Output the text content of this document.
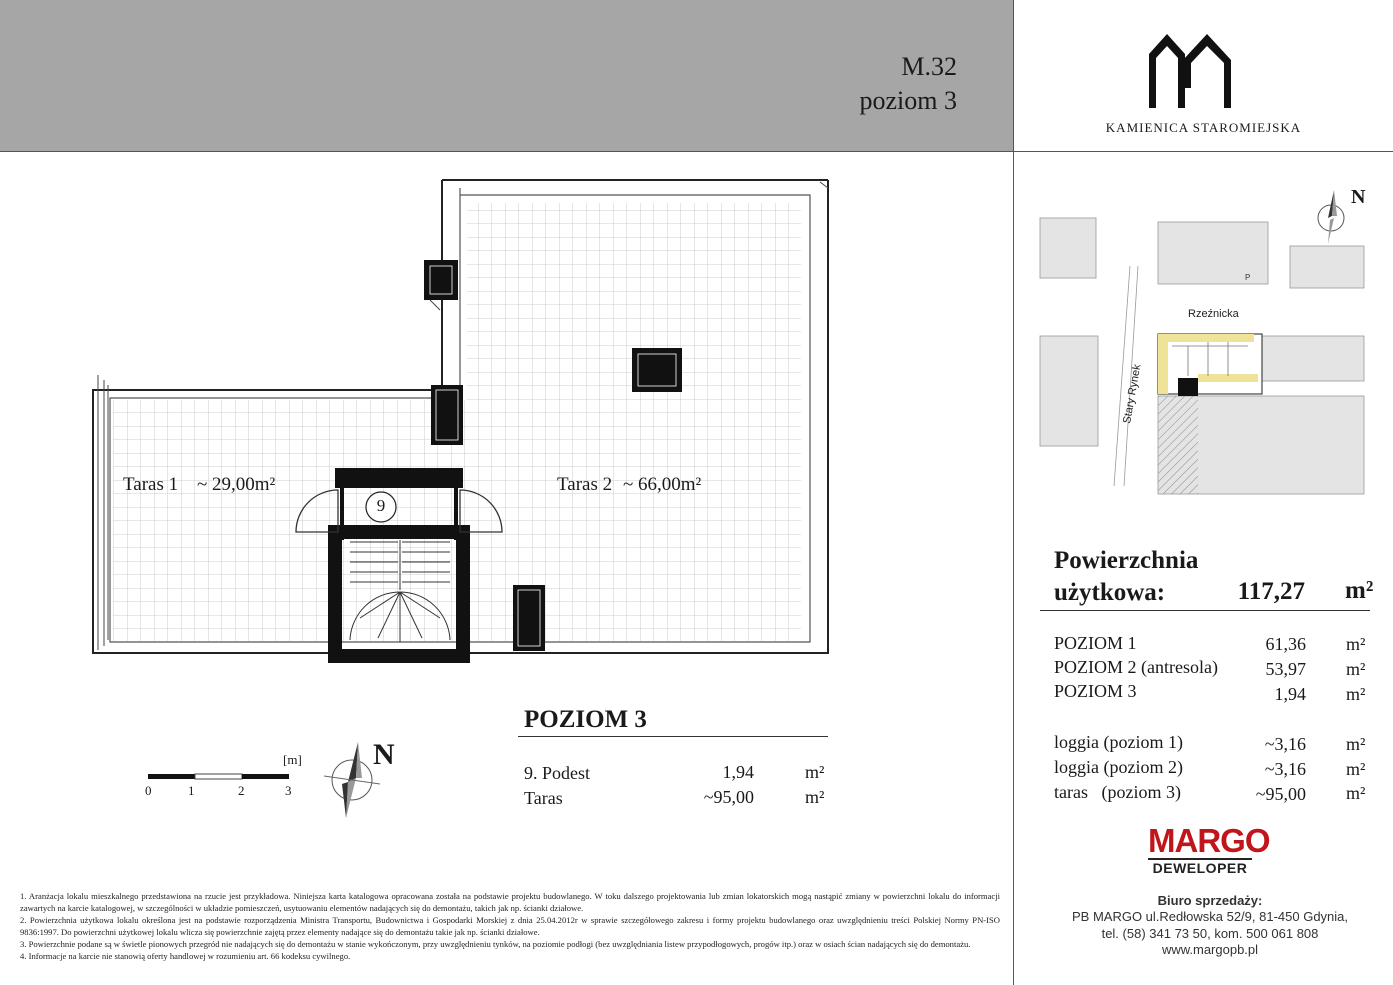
M.32
poziom 3
KAMIENICA STAROMIEJSKA
Taras 1 ~ 29,00m²	Taras 2 ~ 66,00m²
9
[m]
0	1	2	3
N
POZIOM 3
9. Podest	1,94	m²
Taras	~95,00	m²
P
Rzeźnicka
Stary Rynek
N
Powierzchnia
użytkowa:	117,27 m²
POZIOM 1	61,36 m²
POZIOM 2 (antresola)	53,97 m²
POZIOM 3	1,94 m²
loggia (poziom 1)	~3,16 m²
loggia (poziom 2)	~3,16 m²
taras   (poziom 3)	~95,00 m²
MARGO
DEWELOPER
Biuro sprzedaży:
PB MARGO ul.Redłowska 52/9, 81-450 Gdynia,
tel. (58) 341 73 50, kom. 500 061 808
www.margopb.pl
1. Aranżacja lokalu mieszkalnego przedstawiona na rzucie jest przykładowa. Niniejsza karta katalogowa opracowana została na podstawie projektu budowlanego. W toku dalszego projektowania lub zmian lokatorskich mogą nastąpić zmiany w powierzchni lokalu do informacji zawartych na karcie katalogowej, w szczególności w układzie pomieszczeń, usytuowaniu elementów nadających się do demontażu, takich jak np. ścianki działowe.
2. Powierzchnia użytkowa lokalu określona jest na podstawie rozporządzenia Ministra Transportu, Budownictwa i Gospodarki Morskiej z dnia 25.04.2012r w sprawie szczegółowego zakresu i formy projektu budowlanego oraz uwzględnieniu treści Polskiej Normy PN-ISO 9836:1997. Do powierzchni użytkowej lokalu wlicza się powierzchnie zajętą przez elementy nadające się do demontażu takie jak np. ścianki działowe.
3. Powierzchnie podane są w świetle pionowych przegród nie nadających się do demontażu w stanie wykończonym, przy uwzględnieniu tynków, na poziomie podłogi (bez uwzględniania listew przypodłogowych, progów itp.) oraz w osiach ścian nadających się do demontażu.
4. Informacje na karcie nie stanowią oferty handlowej w rozumieniu art. 66 kodeksu cywilnego.
